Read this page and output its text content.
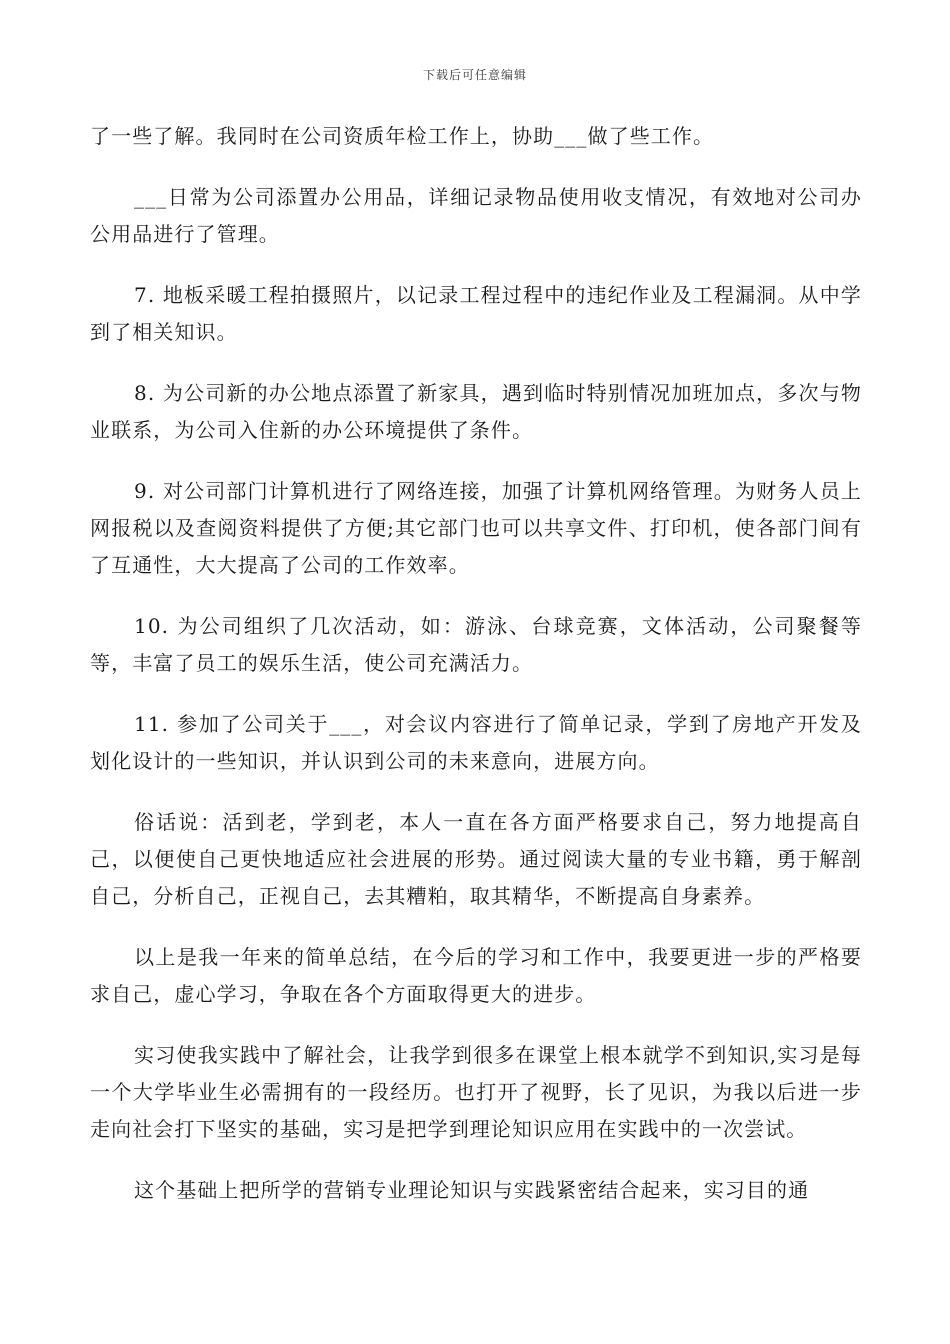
下载后可任意编辑

了一些了解。我同时在公司资质年检工作上，协助___做了些工作。

___日常为公司添置办公用品，详细记录物品使用收支情况，有效地对公司办公用品进行了管理。

7. 地板采暖工程拍摄照片，以记录工程过程中的违纪作业及工程漏洞。从中学到了相关知识。

8. 为公司新的办公地点添置了新家具，遇到临时特别情况加班加点，多次与物业联系，为公司入住新的办公环境提供了条件。

9. 对公司部门计算机进行了网络连接，加强了计算机网络管理。为财务人员上网报税以及查阅资料提供了方便;其它部门也可以共享文件、打印机，使各部门间有了互通性，大大提高了公司的工作效率。

10. 为公司组织了几次活动，如：游泳、台球竞赛，文体活动，公司聚餐等等，丰富了员工的娱乐生活，使公司充满活力。

11. 参加了公司关于___，对会议内容进行了简单记录，学到了房地产开发及划化设计的一些知识，并认识到公司的未来意向，进展方向。

俗话说：活到老，学到老，本人一直在各方面严格要求自己，努力地提高自己，以便使自己更快地适应社会进展的形势。通过阅读大量的专业书籍，勇于解剖自己，分析自己，正视自己，去其糟粕，取其精华，不断提高自身素养。

以上是我一年来的简单总结，在今后的学习和工作中，我要更进一步的严格要求自己，虚心学习，争取在各个方面取得更大的进步。

实习使我实践中了解社会，让我学到很多在课堂上根本就学不到知识,实习是每一个大学毕业生必需拥有的一段经历。也打开了视野，长了见识，为我以后进一步走向社会打下坚实的基础，实习是把学到理论知识应用在实践中的一次尝试。

这个基础上把所学的营销专业理论知识与实践紧密结合起来，实习目的通
